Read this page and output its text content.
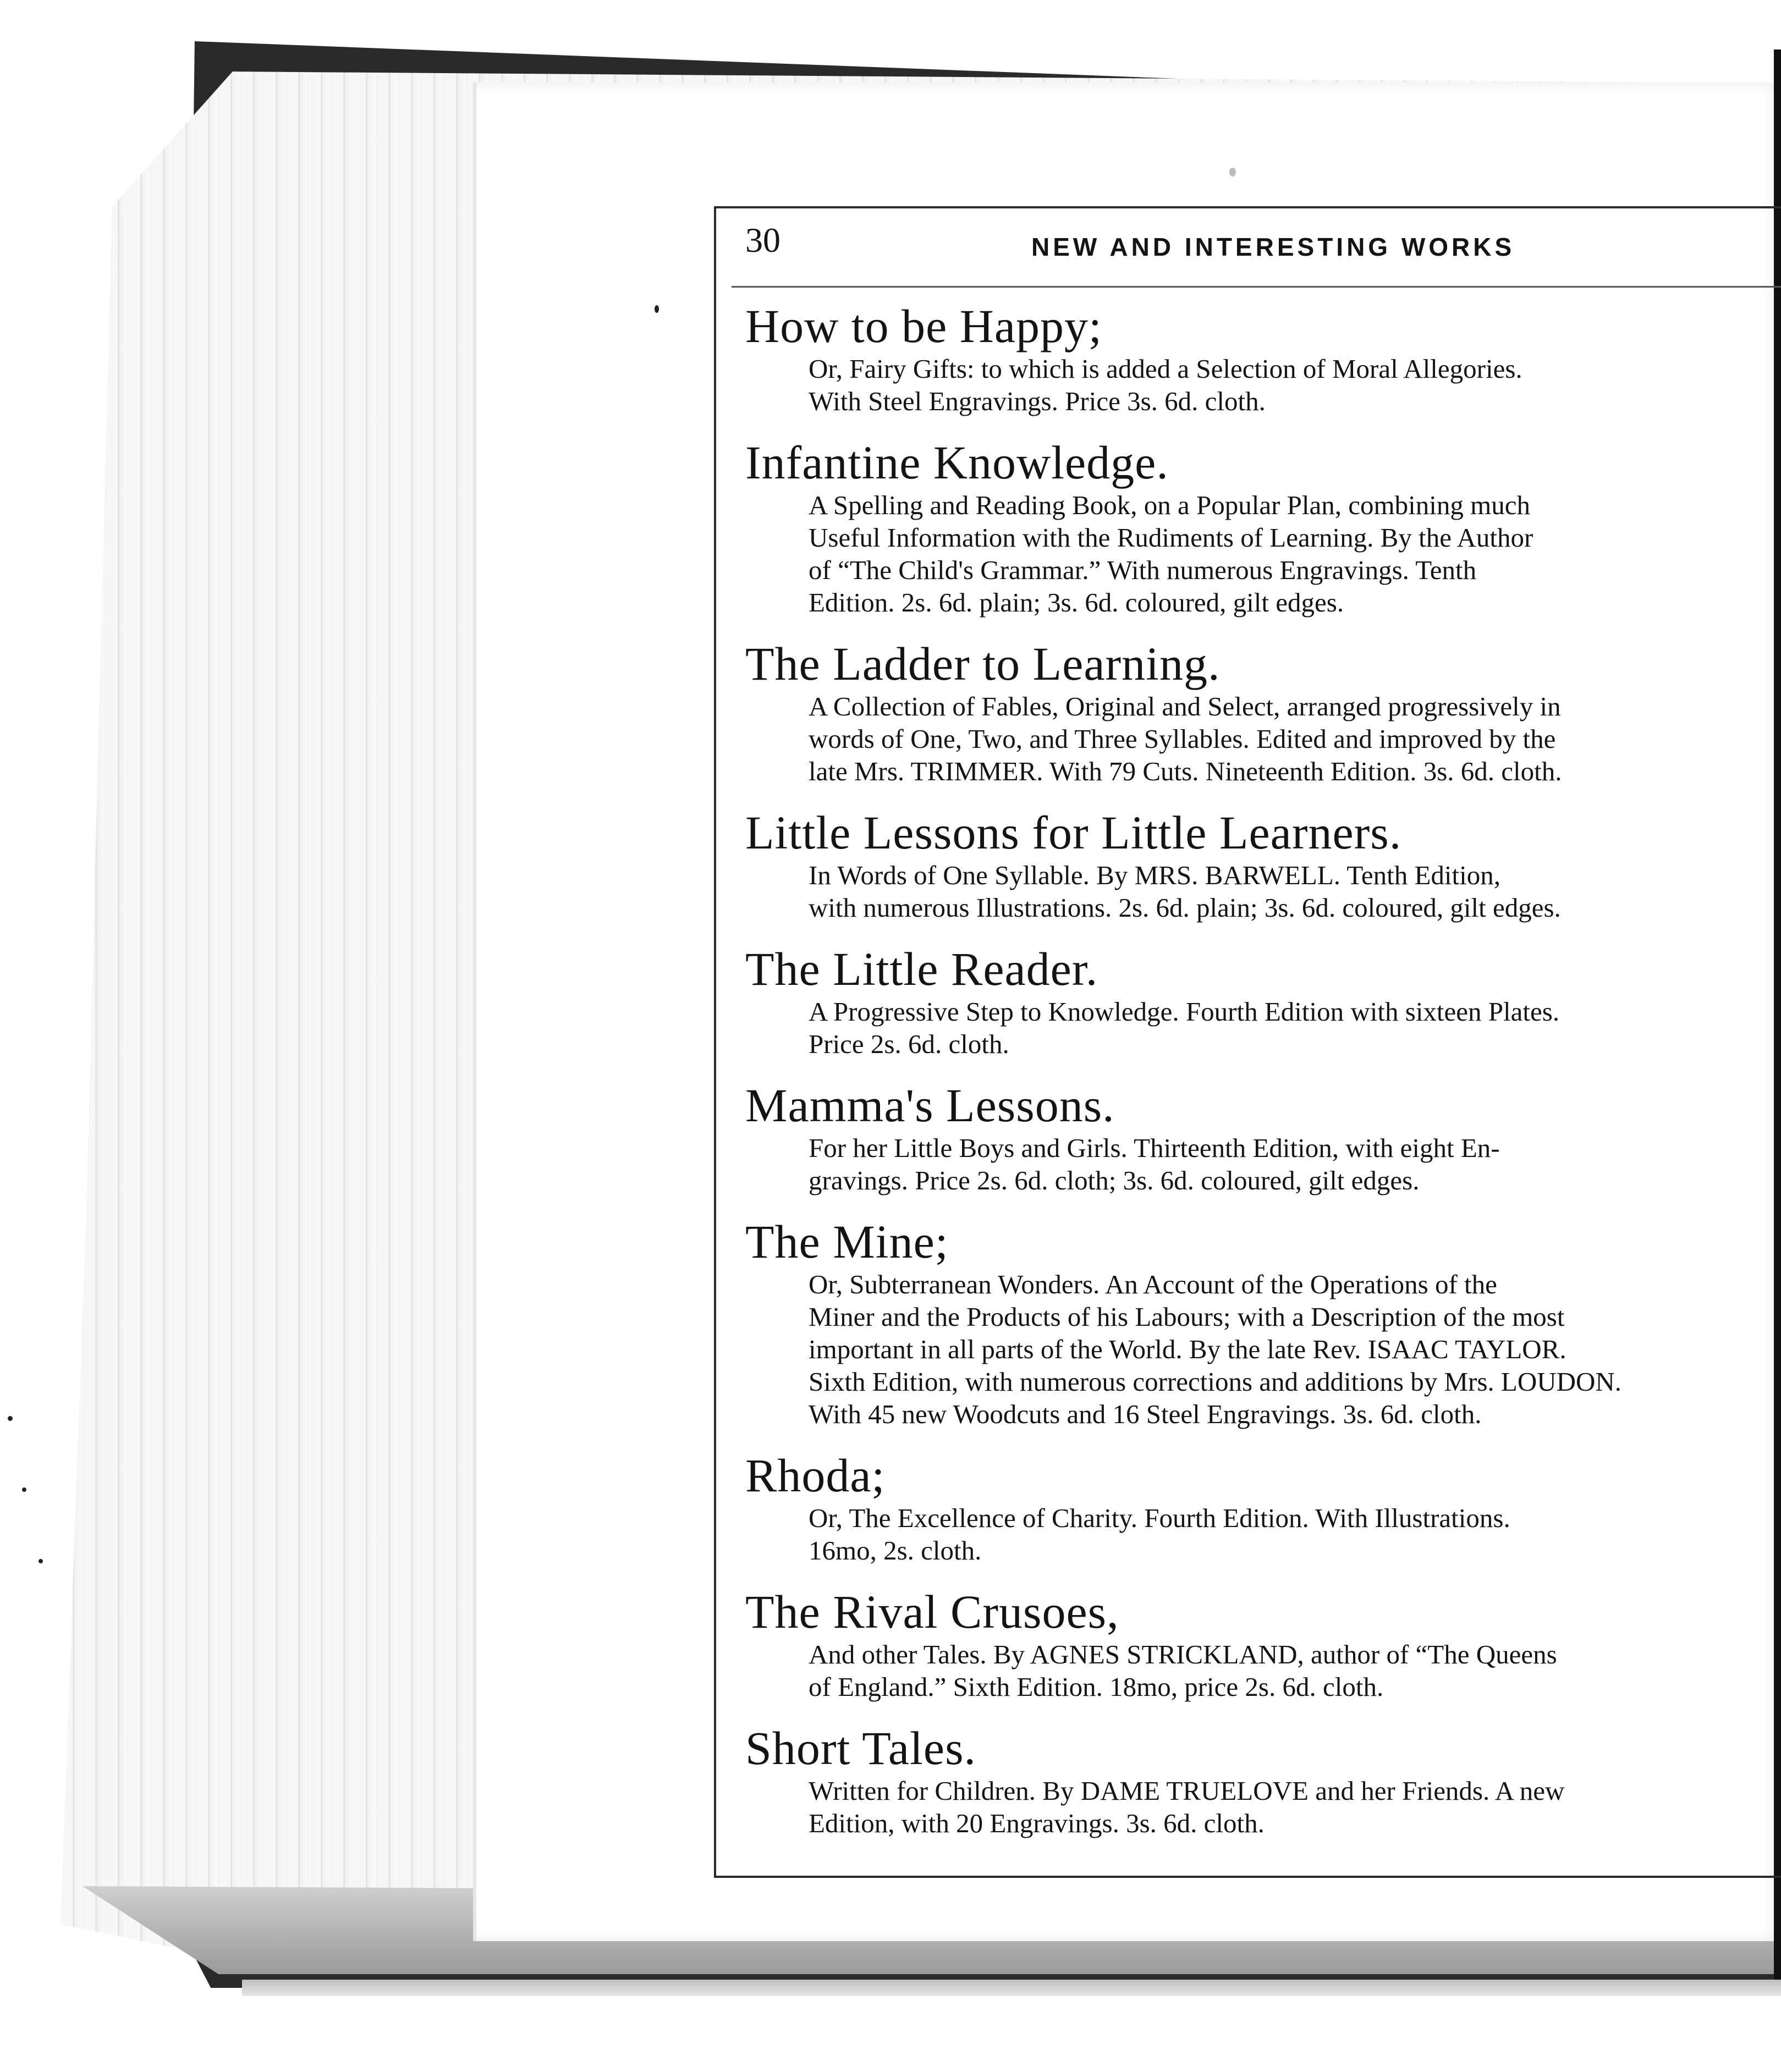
30	NEW AND INTERESTING WORKS
How to be Happy;

Or, Fairy Gifts: to which is added a Selection of Moral Allegories.
With Steel Engravings. Price 3s. 6d. cloth.

Infantine Knowledge.

A Spelling and Reading Book, on a Popular Plan, combining much
Useful Information with the Rudiments of Learning. By the Author
of “The Child's Grammar.” With numerous Engravings. Tenth
Edition. 2s. 6d. plain; 3s. 6d. coloured, gilt edges.

The Ladder to Learning.

A Collection of Fables, Original and Select, arranged progressively in
words of One, Two, and Three Syllables. Edited and improved by the
late Mrs. TRIMMER. With 79 Cuts. Nineteenth Edition. 3s. 6d. cloth.

Little Lessons for Little Learners.

In Words of One Syllable. By MRS. BARWELL. Tenth Edition,
with numerous Illustrations. 2s. 6d. plain; 3s. 6d. coloured, gilt edges.

The Little Reader.

A Progressive Step to Knowledge. Fourth Edition with sixteen Plates.
Price 2s. 6d. cloth.

Mamma's Lessons.

For her Little Boys and Girls. Thirteenth Edition, with eight En-
gravings. Price 2s. 6d. cloth; 3s. 6d. coloured, gilt edges.

The Mine;

Or, Subterranean Wonders. An Account of the Operations of the
Miner and the Products of his Labours; with a Description of the most
important in all parts of the World. By the late Rev. ISAAC TAYLOR.
Sixth Edition, with numerous corrections and additions by Mrs. LOUDON.
With 45 new Woodcuts and 16 Steel Engravings. 3s. 6d. cloth.

Rhoda;

Or, The Excellence of Charity. Fourth Edition. With Illustrations.
16mo, 2s. cloth.

The Rival Crusoes,

And other Tales. By AGNES STRICKLAND, author of “The Queens
of England.” Sixth Edition. 18mo, price 2s. 6d. cloth.

Short Tales.

Written for Children. By DAME TRUELOVE and her Friends. A new
Edition, with 20 Engravings. 3s. 6d. cloth.
